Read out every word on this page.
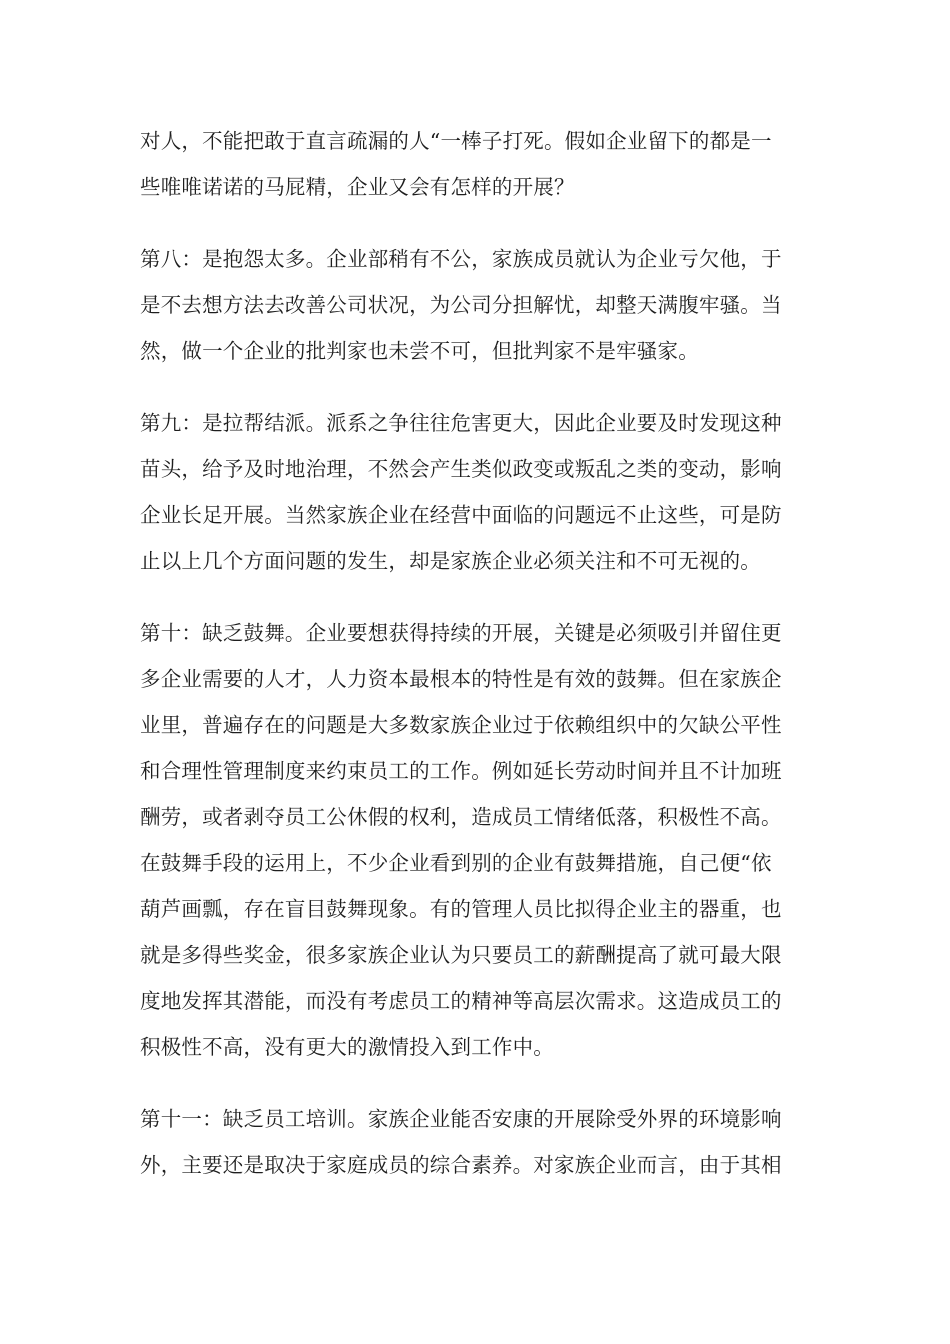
对人，不能把敢于直言疏漏的人“一棒子打死。假如企业留下的都是一
些唯唯诺诺的马屁精，企业又会有怎样的开展？
第八：是抱怨太多。企业部稍有不公，家族成员就认为企业亏欠他，于
是不去想方法去改善公司状况，为公司分担解忧，却整天满腹牢骚。当
然，做一个企业的批判家也未尝不可，但批判家不是牢骚家。
第九：是拉帮结派。派系之争往往危害更大，因此企业要及时发现这种
苗头，给予及时地治理，不然会产生类似政变或叛乱之类的变动，影响
企业长足开展。当然家族企业在经营中面临的问题远不止这些，可是防
止以上几个方面问题的发生，却是家族企业必须关注和不可无视的。
第十：缺乏鼓舞。企业要想获得持续的开展，关键是必须吸引并留住更
多企业需要的人才，人力资本最根本的特性是有效的鼓舞。但在家族企
业里，普遍存在的问题是大多数家族企业过于依赖组织中的欠缺公平性
和合理性管理制度来约束员工的工作。例如延长劳动时间并且不计加班
酬劳，或者剥夺员工公休假的权利，造成员工情绪低落，积极性不高。
在鼓舞手段的运用上，不少企业看到别的企业有鼓舞措施，自己便“依
葫芦画瓢，存在盲目鼓舞现象。有的管理人员比拟得企业主的器重，也
就是多得些奖金，很多家族企业认为只要员工的薪酬提高了就可最大限
度地发挥其潜能，而没有考虑员工的精神等高层次需求。这造成员工的
积极性不高，没有更大的激情投入到工作中。
第十一：缺乏员工培训。家族企业能否安康的开展除受外界的环境影响
外，主要还是取决于家庭成员的综合素养。对家族企业而言，由于其相
